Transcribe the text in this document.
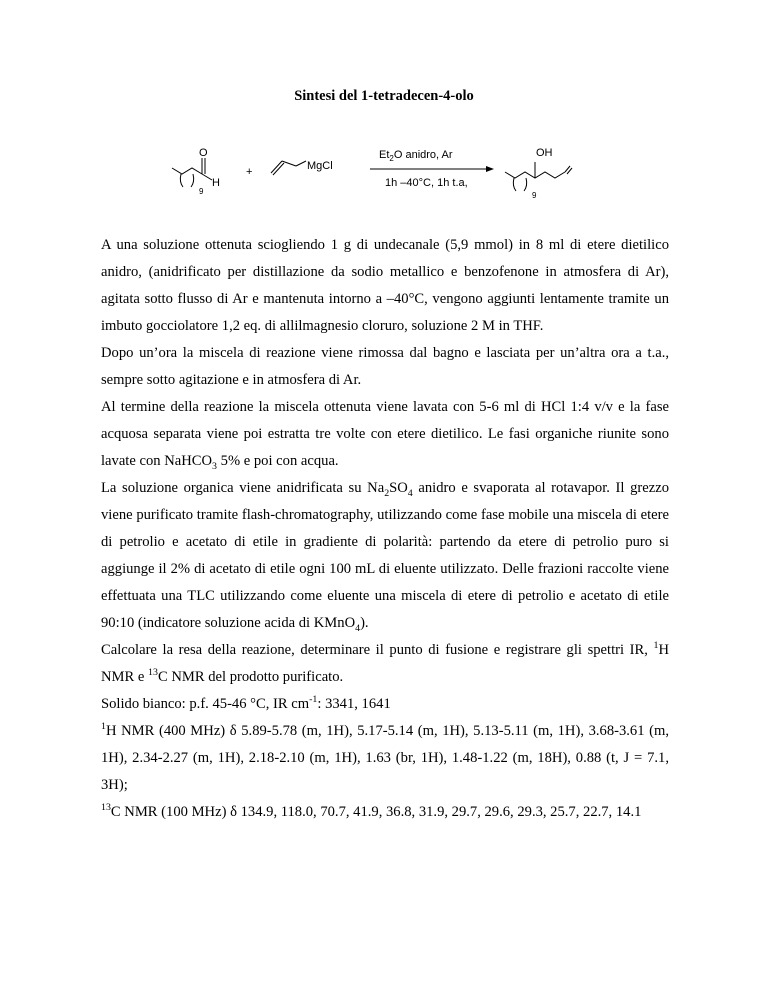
Sintesi del 1-tetradecen-4-olo
O
H
9
+	MgCl
$Et_2O$ anidro, Ar
1h –40°C, 1h t.a,
OH
9

A una soluzione ottenuta sciogliendo 1 g di undecanale (5,9 mmol) in 8 ml di etere dietilico anidro, (anidrificato per distillazione da sodio metallico e benzofenone in atmosfera di Ar), agitata sotto flusso di Ar e mantenuta intorno a –40°C, vengono aggiunti lentamente tramite un imbuto gocciolatore 1,2 eq. di allilmagnesio cloruro, soluzione 2 M in THF.

Dopo un’ora la miscela di reazione viene rimossa dal bagno e lasciata per un’altra ora a t.a., sempre sotto agitazione e in atmosfera di Ar.

Al termine della reazione la miscela ottenuta viene lavata con 5-6 ml di HCl 1:4 v/v e la fase acquosa separata viene poi estratta tre volte con etere dietilico. Le fasi organiche riunite sono lavate con NaHCO$_3$ 5% e poi con acqua.

La soluzione organica viene anidrificata su $Na_2SO_4$ anidro e svaporata al rotavapor. Il grezzo viene purificato tramite flash-chromatography, utilizzando come fase mobile una miscela di etere di petrolio e acetato di etile in gradiente di polarità: partendo da etere di petrolio puro si aggiunge il 2% di acetato di etile ogni 100 mL di eluente utilizzato. Delle frazioni raccolte viene effettuata una TLC utilizzando come eluente una miscela di etere di petrolio e acetato di etile 90:10 (indicatore soluzione acida di KMnO$_4$).

Calcolare la resa della reazione, determinare il punto di fusione e registrare gli spettri IR, $^1$H NMR e $^{13}$C NMR del prodotto purificato.

Solido bianco: p.f. 45-46 °C, IR $cm^{-1}$: 3341, 1641

$^1$H NMR (400 MHz) δ 5.89-5.78 (m, 1H), 5.17-5.14 (m, 1H), 5.13-5.11 (m, 1H), 3.68-3.61 (m, 1H), 2.34-2.27 (m, 1H), 2.18-2.10 (m, 1H), 1.63 (br, 1H), 1.48-1.22 (m, 18H), 0.88 (t, J = 7.1, 3H);

$^{13}$C NMR (100 MHz) δ 134.9, 118.0, 70.7, 41.9, 36.8, 31.9, 29.7, 29.6, 29.3, 25.7, 22.7, 14.1
